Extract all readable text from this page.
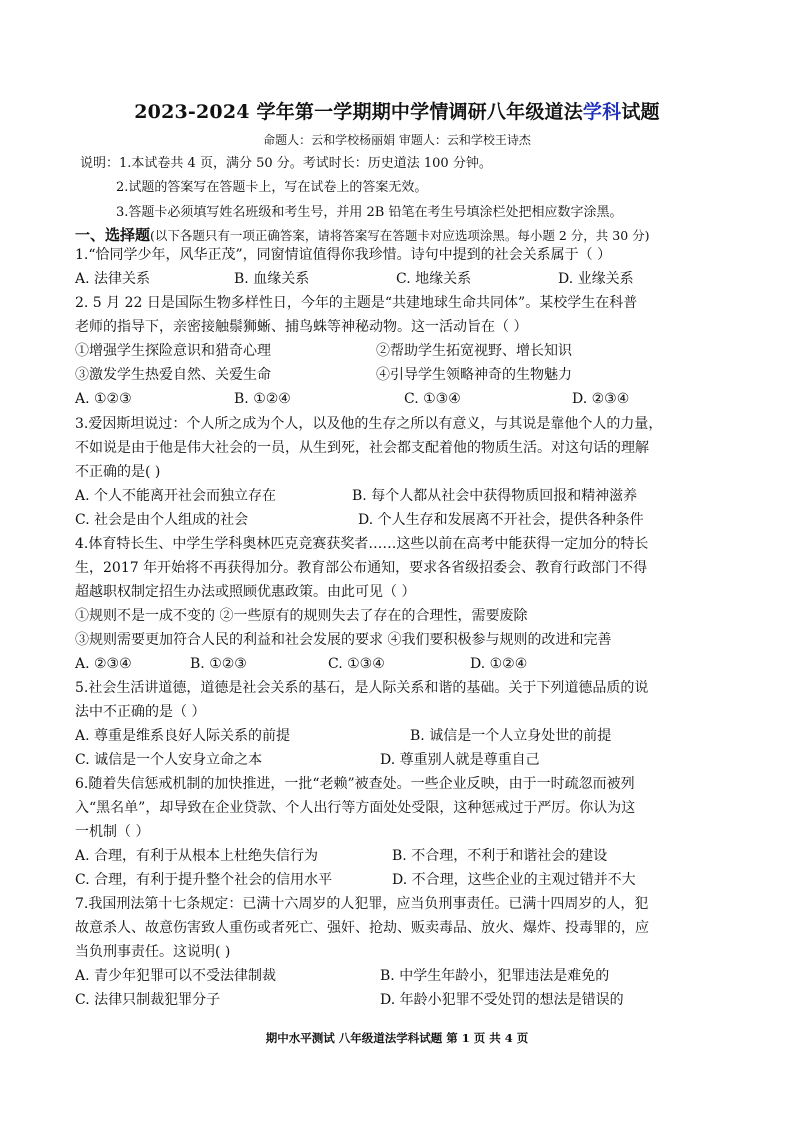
2023-2024 学年第一学期期中学情调研八年级道法学科试题
命题人：云和学校杨丽娟 审题人：云和学校王诗杰
说明：1.本试卷共 4 页，满分 50 分。考试时长：历史道法 100 分钟。
2.试题的答案写在答题卡上，写在试卷上的答案无效。
3.答题卡必须填写姓名班级和考生号，并用 2B 铅笔在考生号填涂栏处把相应数字涂黑。
一、选择题(以下各题只有一项正确答案，请将答案写在答题卡对应选项涂黑。每小题 2 分，共 30 分)
1.“恰同学少年，风华正茂”，同窗情谊值得你我珍惜。诗句中提到的社会关系属于（ ）
A. 法律关系	B. 血缘关系	C. 地缘关系	D. 业缘关系
2. 5 月 22 日是国际生物多样性日，今年的主题是“共建地球生命共同体”。某校学生在科普
老师的指导下，亲密接触鬃狮蜥、捕鸟蛛等神秘动物。这一活动旨在（ ）
①增强学生探险意识和猎奇心理	②帮助学生拓宽视野、增长知识
③激发学生热爱自然、关爱生命	④引导学生领略神奇的生物魅力
A. ①②③	B. ①②④	C. ①③④	D. ②③④
3.爱因斯坦说过：个人所之成为个人，以及他的生存之所以有意义，与其说是靠他个人的力量，
不如说是由于他是伟大社会的一员，从生到死，社会都支配着他的物质生活。对这句话的理解
不正确的是( )
A. 个人不能离开社会而独立存在	B. 每个人都从社会中获得物质回报和精神滋养
C. 社会是由个人组成的社会	D. 个人生存和发展离不开社会，提供各种条件
4.体育特长生、中学生学科奥林匹克竞赛获奖者……这些以前在高考中能获得一定加分的特长
生，2017 年开始将不再获得加分。教育部公布通知，要求各省级招委会、教育行政部门不得
超越职权制定招生办法或照顾优惠政策。由此可见（ ）
①规则不是一成不变的 ②一些原有的规则失去了存在的合理性，需要废除
③规则需要更加符合人民的利益和社会发展的要求 ④我们要积极参与规则的改进和完善
A. ②③④	B. ①②③	C. ①③④	D. ①②④
5.社会生活讲道德，道德是社会关系的基石，是人际关系和谐的基础。关于下列道德品质的说
法中不正确的是（ ）
A. 尊重是维系良好人际关系的前提	B. 诚信是一个人立身处世的前提
C. 诚信是一个人安身立命之本	D. 尊重别人就是尊重自己
6.随着失信惩戒机制的加快推进，一批“老赖”被查处。一些企业反映，由于一时疏忽而被列
入“黑名单”，却导致在企业贷款、个人出行等方面处处受限，这种惩戒过于严厉。你认为这
一机制（ ）
A. 合理，有利于从根本上杜绝失信行为	B. 不合理，不利于和谐社会的建设
C. 合理，有利于提升整个社会的信用水平	D. 不合理，这些企业的主观过错并不大
7.我国刑法第十七条规定：已满十六周岁的人犯罪，应当负刑事责任。已满十四周岁的人，犯
故意杀人、故意伤害致人重伤或者死亡、强奸、抢劫、贩卖毒品、放火、爆炸、投毒罪的，应
当负刑事责任。这说明( )
A. 青少年犯罪可以不受法律制裁	B. 中学生年龄小，犯罪违法是难免的
C. 法律只制裁犯罪分子	D. 年龄小犯罪不受处罚的想法是错误的
期中水平测试 八年级道法学科试题 第 1 页 共 4 页
